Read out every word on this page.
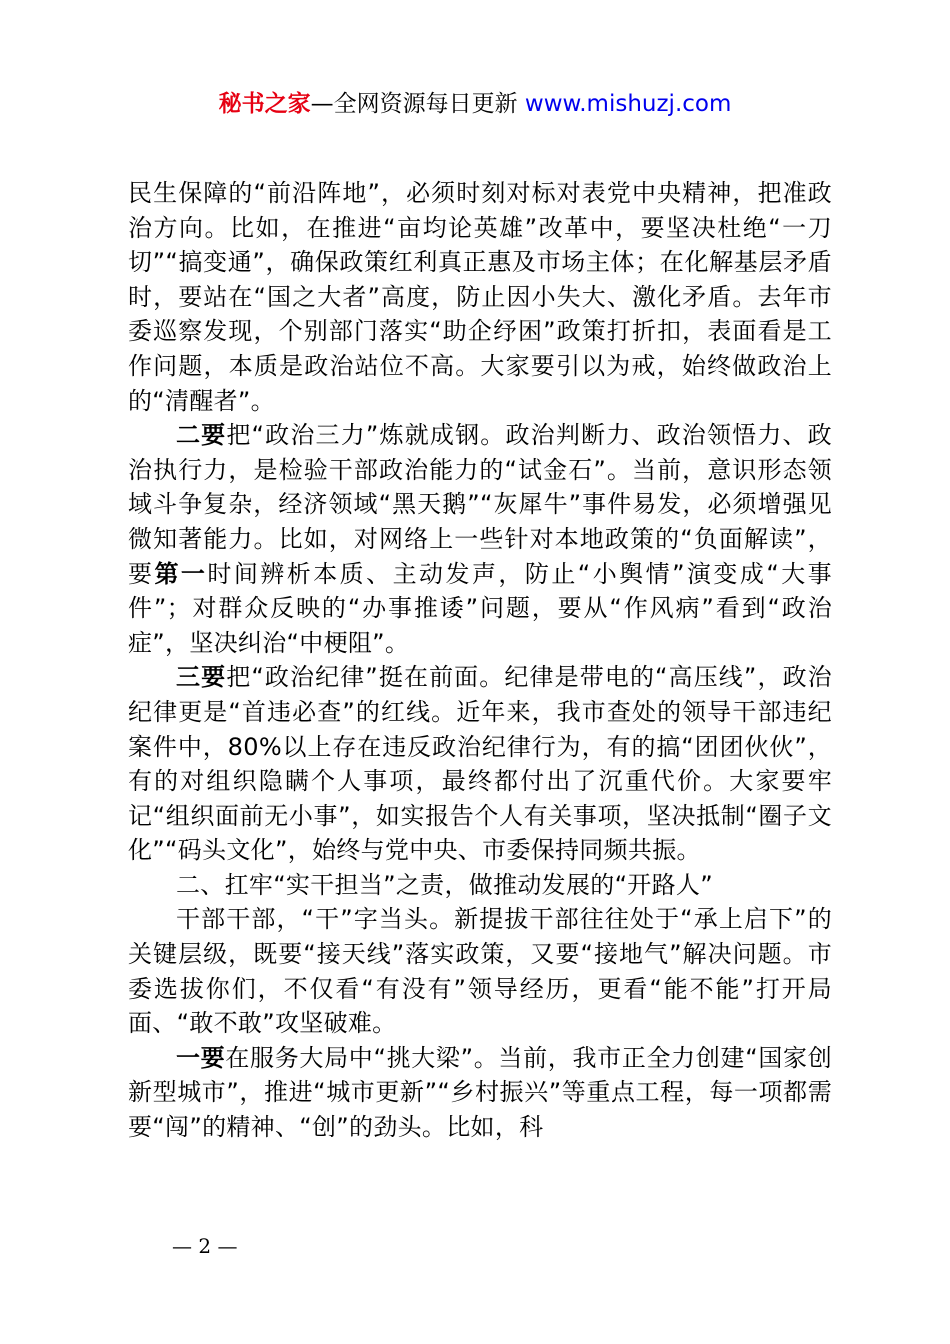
秘书之家—全网资源每日更新 www.mishuzj.com

民生保障的“前沿阵地”，必须时刻对标对表党中央精神，把准政治方向。比如，在推进“亩均论英雄”改革中，要坚决杜绝“一刀切”“搞变通”，确保政策红利真正惠及市场主体；在化解基层矛盾时，要站在“国之大者”高度，防止因小失大、激化矛盾。去年市委巡察发现，个别部门落实“助企纾困”政策打折扣，表面看是工作问题，本质是政治站位不高。大家要引以为戒，始终做政治上的“清醒者”。

二要把“政治三力”炼就成钢。政治判断力、政治领悟力、政治执行力，是检验干部政治能力的“试金石”。当前，意识形态领域斗争复杂，经济领域“黑天鹅”“灰犀牛”事件易发，必须增强见微知著能力。比如，对网络上一些针对本地政策的“负面解读”，要第一时间辨析本质、主动发声，防止“小舆情”演变成“大事件”；对群众反映的“办事推诿”问题，要从“作风病”看到“政治症”，坚决纠治“中梗阻”。

三要把“政治纪律”挺在前面。纪律是带电的“高压线”，政治纪律更是“首违必查”的红线。近年来，我市查处的领导干部违纪案件中，80%以上存在违反政治纪律行为，有的搞“团团伙伙”，有的对组织隐瞒个人事项，最终都付出了沉重代价。大家要牢记“组织面前无小事”，如实报告个人有关事项，坚决抵制“圈子文化”“码头文化”，始终与党中央、市委保持同频共振。

二、扛牢“实干担当”之责，做推动发展的“开路人”

干部干部，“干”字当头。新提拔干部往往处于“承上启下”的关键层级，既要“接天线”落实政策，又要“接地气”解决问题。市委选拔你们，不仅看“有没有”领导经历，更看“能不能”打开局面、“敢不敢”攻坚破难。

一要在服务大局中“挑大梁”。当前，我市正全力创建“国家创新型城市”，推进“城市更新”“乡村振兴”等重点工程，每一项都需要“闯”的精神、“创”的劲头。比如，科

— 2 —
